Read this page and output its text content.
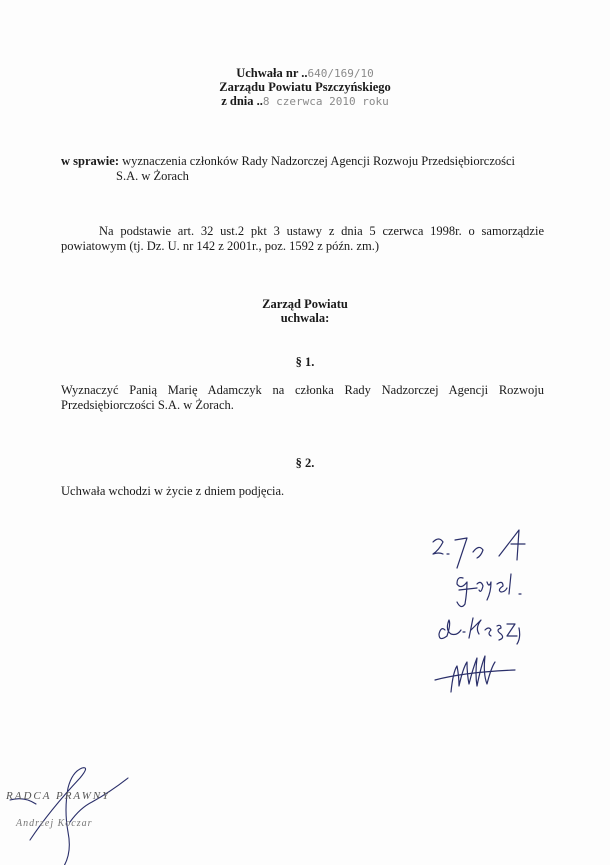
Uchwała nr ..640/169/10
Zarządu Powiatu Pszczyńskiego
z dnia ..8 czerwca 2010 roku
w sprawie: wyznaczenia członków Rady Nadzorczej Agencji Rozwoju Przedsiębiorczości
S.A. w Żorach
Na podstawie art. 32 ust.2 pkt 3 ustawy z dnia 5 czerwca 1998r. o samorządzie powiatowym (tj. Dz. U. nr 142 z 2001r., poz. 1592 z późn. zm.)
Zarząd Powiatu
uchwala:
§ 1.
Wyznaczyć Panią Marię Adamczyk na członka Rady Nadzorczej Agencji Rozwoju Przedsiębiorczości S.A. w Żorach.
§ 2.
Uchwała wchodzi w życie z dniem podjęcia.
RADCA PRAWNY
Andrzej Koczar
